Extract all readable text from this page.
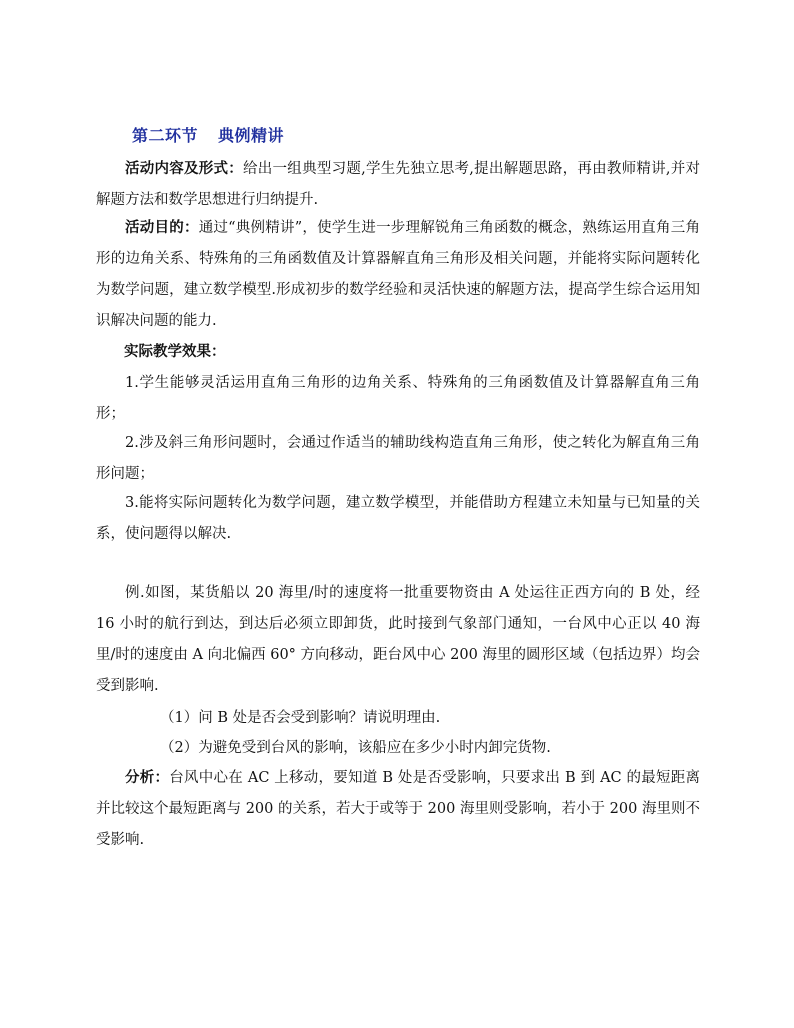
第二环节 典例精讲

活动内容及形式：给出一组典型习题,学生先独立思考,提出解题思路，再由教师精讲,并对解题方法和数学思想进行归纳提升.

活动目的：通过“典例精讲”，使学生进一步理解锐角三角函数的概念，熟练运用直角三角形的边角关系、特殊角的三角函数值及计算器解直角三角形及相关问题，并能将实际问题转化为数学问题，建立数学模型.形成初步的数学经验和灵活快速的解题方法，提高学生综合运用知识解决问题的能力.

实际教学效果：

1.学生能够灵活运用直角三角形的边角关系、特殊角的三角函数值及计算器解直角三角形；

2.涉及斜三角形问题时，会通过作适当的辅助线构造直角三角形，使之转化为解直角三角形问题；

3.能将实际问题转化为数学问题，建立数学模型，并能借助方程建立未知量与已知量的关系，使问题得以解决.

例.如图，某货船以 20 海里/时的速度将一批重要物资由 A 处运往正西方向的 B 处，经 16 小时的航行到达，到达后必须立即卸货，此时接到气象部门通知，一台风中心正以 40 海里/时的速度由 A 向北偏西 60° 方向移动，距台风中心 200 海里的圆形区域（包括边界）均会受到影响.

（1）问 B 处是否会受到影响？请说明理由.

（2）为避免受到台风的影响，该船应在多少小时内卸完货物.

分析：台风中心在 AC 上移动，要知道 B 处是否受影响，只要求出 B 到 AC 的最短距离并比较这个最短距离与 200 的关系，若大于或等于 200 海里则受影响，若小于 200 海里则不受影响.
